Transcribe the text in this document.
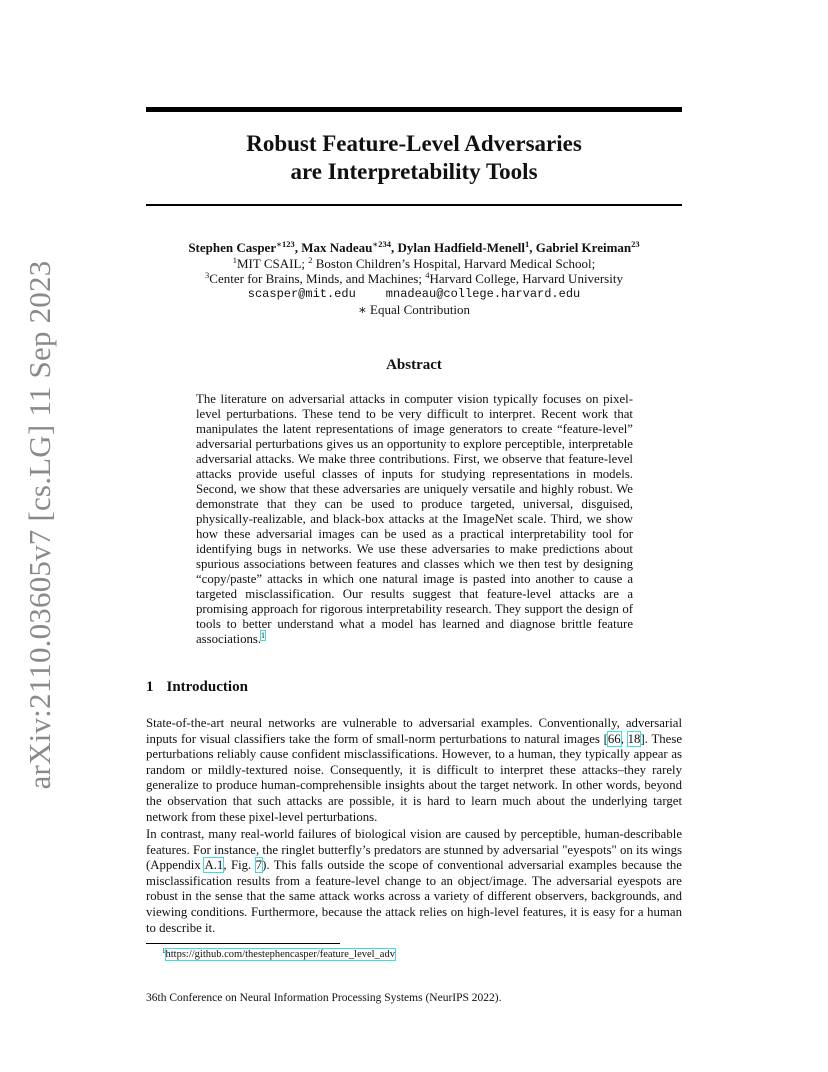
arXiv:2110.03605v7 [cs.LG] 11 Sep 2023
Robust Feature-Level Adversaries
are Interpretability Tools
Stephen Casper$^{∗123}$, Max Nadeau$^{∗234}$, Dylan Hadfield-Menell$^1$, Gabriel Kreiman$^{23}$
$^1$MIT CSAIL; $^2$ Boston Children’s Hospital, Harvard Medical School;
$^3$Center for Brains, Minds, and Machines; $^4$Harvard College, Harvard University
scasper@mit.edu	mnadeau@college.harvard.edu
∗ Equal Contribution
Abstract
The literature on adversarial attacks in computer vision typically focuses on pixel-level perturbations. These tend to be very difficult to interpret. Recent work that manipulates the latent representations of image generators to create “feature-level” adversarial perturbations gives us an opportunity to explore perceptible, interpretable adversarial attacks. We make three contributions. First, we observe that feature-level attacks provide useful classes of inputs for studying representations in models. Second, we show that these adversaries are uniquely versatile and highly robust. We demonstrate that they can be used to produce targeted, universal, disguised, physically-realizable, and black-box attacks at the ImageNet scale. Third, we show how these adversarial images can be used as a practical interpretability tool for identifying bugs in networks. We use these adversaries to make predictions about spurious associations between features and classes which we then test by designing “copy/paste” attacks in which one natural image is pasted into another to cause a targeted misclassification. Our results suggest that feature-level attacks are a promising approach for rigorous interpretability research. They support the design of tools to better understand what a model has learned and diagnose brittle feature associations.$^1$
1 Introduction
State-of-the-art neural networks are vulnerable to adversarial examples. Conventionally, adversarial inputs for visual classifiers take the form of small-norm perturbations to natural images [66, 18]. These perturbations reliably cause confident misclassifications. However, to a human, they typically appear as random or mildly-textured noise. Consequently, it is difficult to interpret these attacks–they rarely generalize to produce human-comprehensible insights about the target network. In other words, beyond the observation that such attacks are possible, it is hard to learn much about the underlying target network from these pixel-level perturbations.
In contrast, many real-world failures of biological vision are caused by perceptible, human-describable features. For instance, the ringlet butterfly’s predators are stunned by adversarial "eyespots" on its wings (Appendix A.1, Fig. 7). This falls outside the scope of conventional adversarial examples because the misclassification results from a feature-level change to an object/image. The adversarial eyespots are robust in the sense that the same attack works across a variety of different observers, backgrounds, and viewing conditions. Furthermore, because the attack relies on high-level features, it is easy for a human to describe it.
$^1$https://github.com/thestephencasper/feature_level_adv
36th Conference on Neural Information Processing Systems (NeurIPS 2022).
